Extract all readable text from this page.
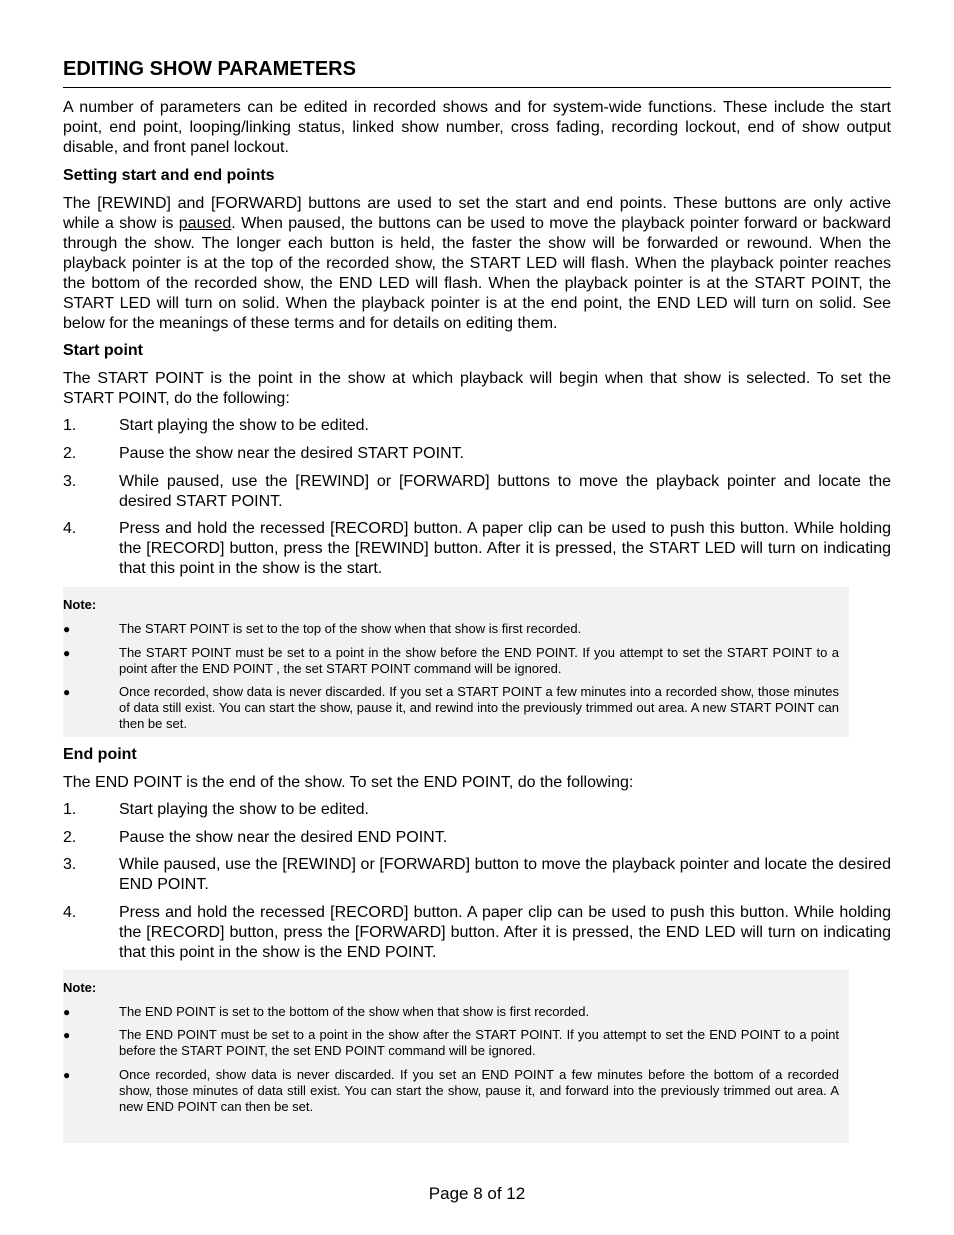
EDITING SHOW PARAMETERS
A number of parameters can be edited in recorded shows and for system-wide functions. These include the start point, end point, looping/linking status, linked show number, cross fading, recording lockout, end of show output disable, and front panel lockout.
Setting start and end points
The [REWIND] and [FORWARD] buttons are used to set the start and end points. These buttons are only active while a show is paused. When paused, the buttons can be used to move the playback pointer forward or backward through the show. The longer each button is held, the faster the show will be forwarded or rewound. When the playback pointer is at the top of the recorded show, the START LED will flash. When the playback pointer reaches the bottom of the recorded show, the END LED will flash. When the playback pointer is at the START POINT, the START LED will turn on solid. When the playback pointer is at the end point, the END LED will turn on solid. See below for the meanings of these terms and for details on editing them.
Start point
The START POINT is the point in the show at which playback will begin when that show is selected. To set the START POINT, do the following:
1.	Start playing the show to be edited.
2.	Pause the show near the desired START POINT.
3.	While paused, use the [REWIND] or [FORWARD] buttons to move the playback pointer and locate the desired START POINT.
4.	Press and hold the recessed [RECORD] button. A paper clip can be used to push this button. While holding the [RECORD] button, press the [REWIND] button. After it is pressed, the START LED will turn on indicating that this point in the show is the start.
Note:
●	The START POINT is set to the top of the show when that show is first recorded.
●	The START POINT must be set to a point in the show before the END POINT. If you attempt to set the START POINT to a point after the END POINT , the set START POINT command will be ignored.
●	Once recorded, show data is never discarded. If you set a START POINT a few minutes into a recorded show, those minutes of data still exist. You can start the show, pause it, and rewind into the previously trimmed out area. A new START POINT can then be set.
End point
The END POINT is the end of the show. To set the END POINT, do the following:
1.	Start playing the show to be edited.
2.	Pause the show near the desired END POINT.
3.	While paused, use the [REWIND] or [FORWARD] button to move the playback pointer and locate the desired END POINT.
4.	Press and hold the recessed [RECORD] button. A paper clip can be used to push this button. While holding the [RECORD] button, press the [FORWARD] button. After it is pressed, the END LED will turn on indicating that this point in the show is the END POINT.
Note:
●	The END POINT is set to the bottom of the show when that show is first recorded.
●	The END POINT must be set to a point in the show after the START POINT. If you attempt to set the END POINT to a point before the START POINT, the set END POINT command will be ignored.
●	Once recorded, show data is never discarded. If you set an END POINT a few minutes before the bottom of a recorded show, those minutes of data still exist. You can start the show, pause it, and forward into the previously trimmed out area. A new END POINT can then be set.
Page 8 of 12
